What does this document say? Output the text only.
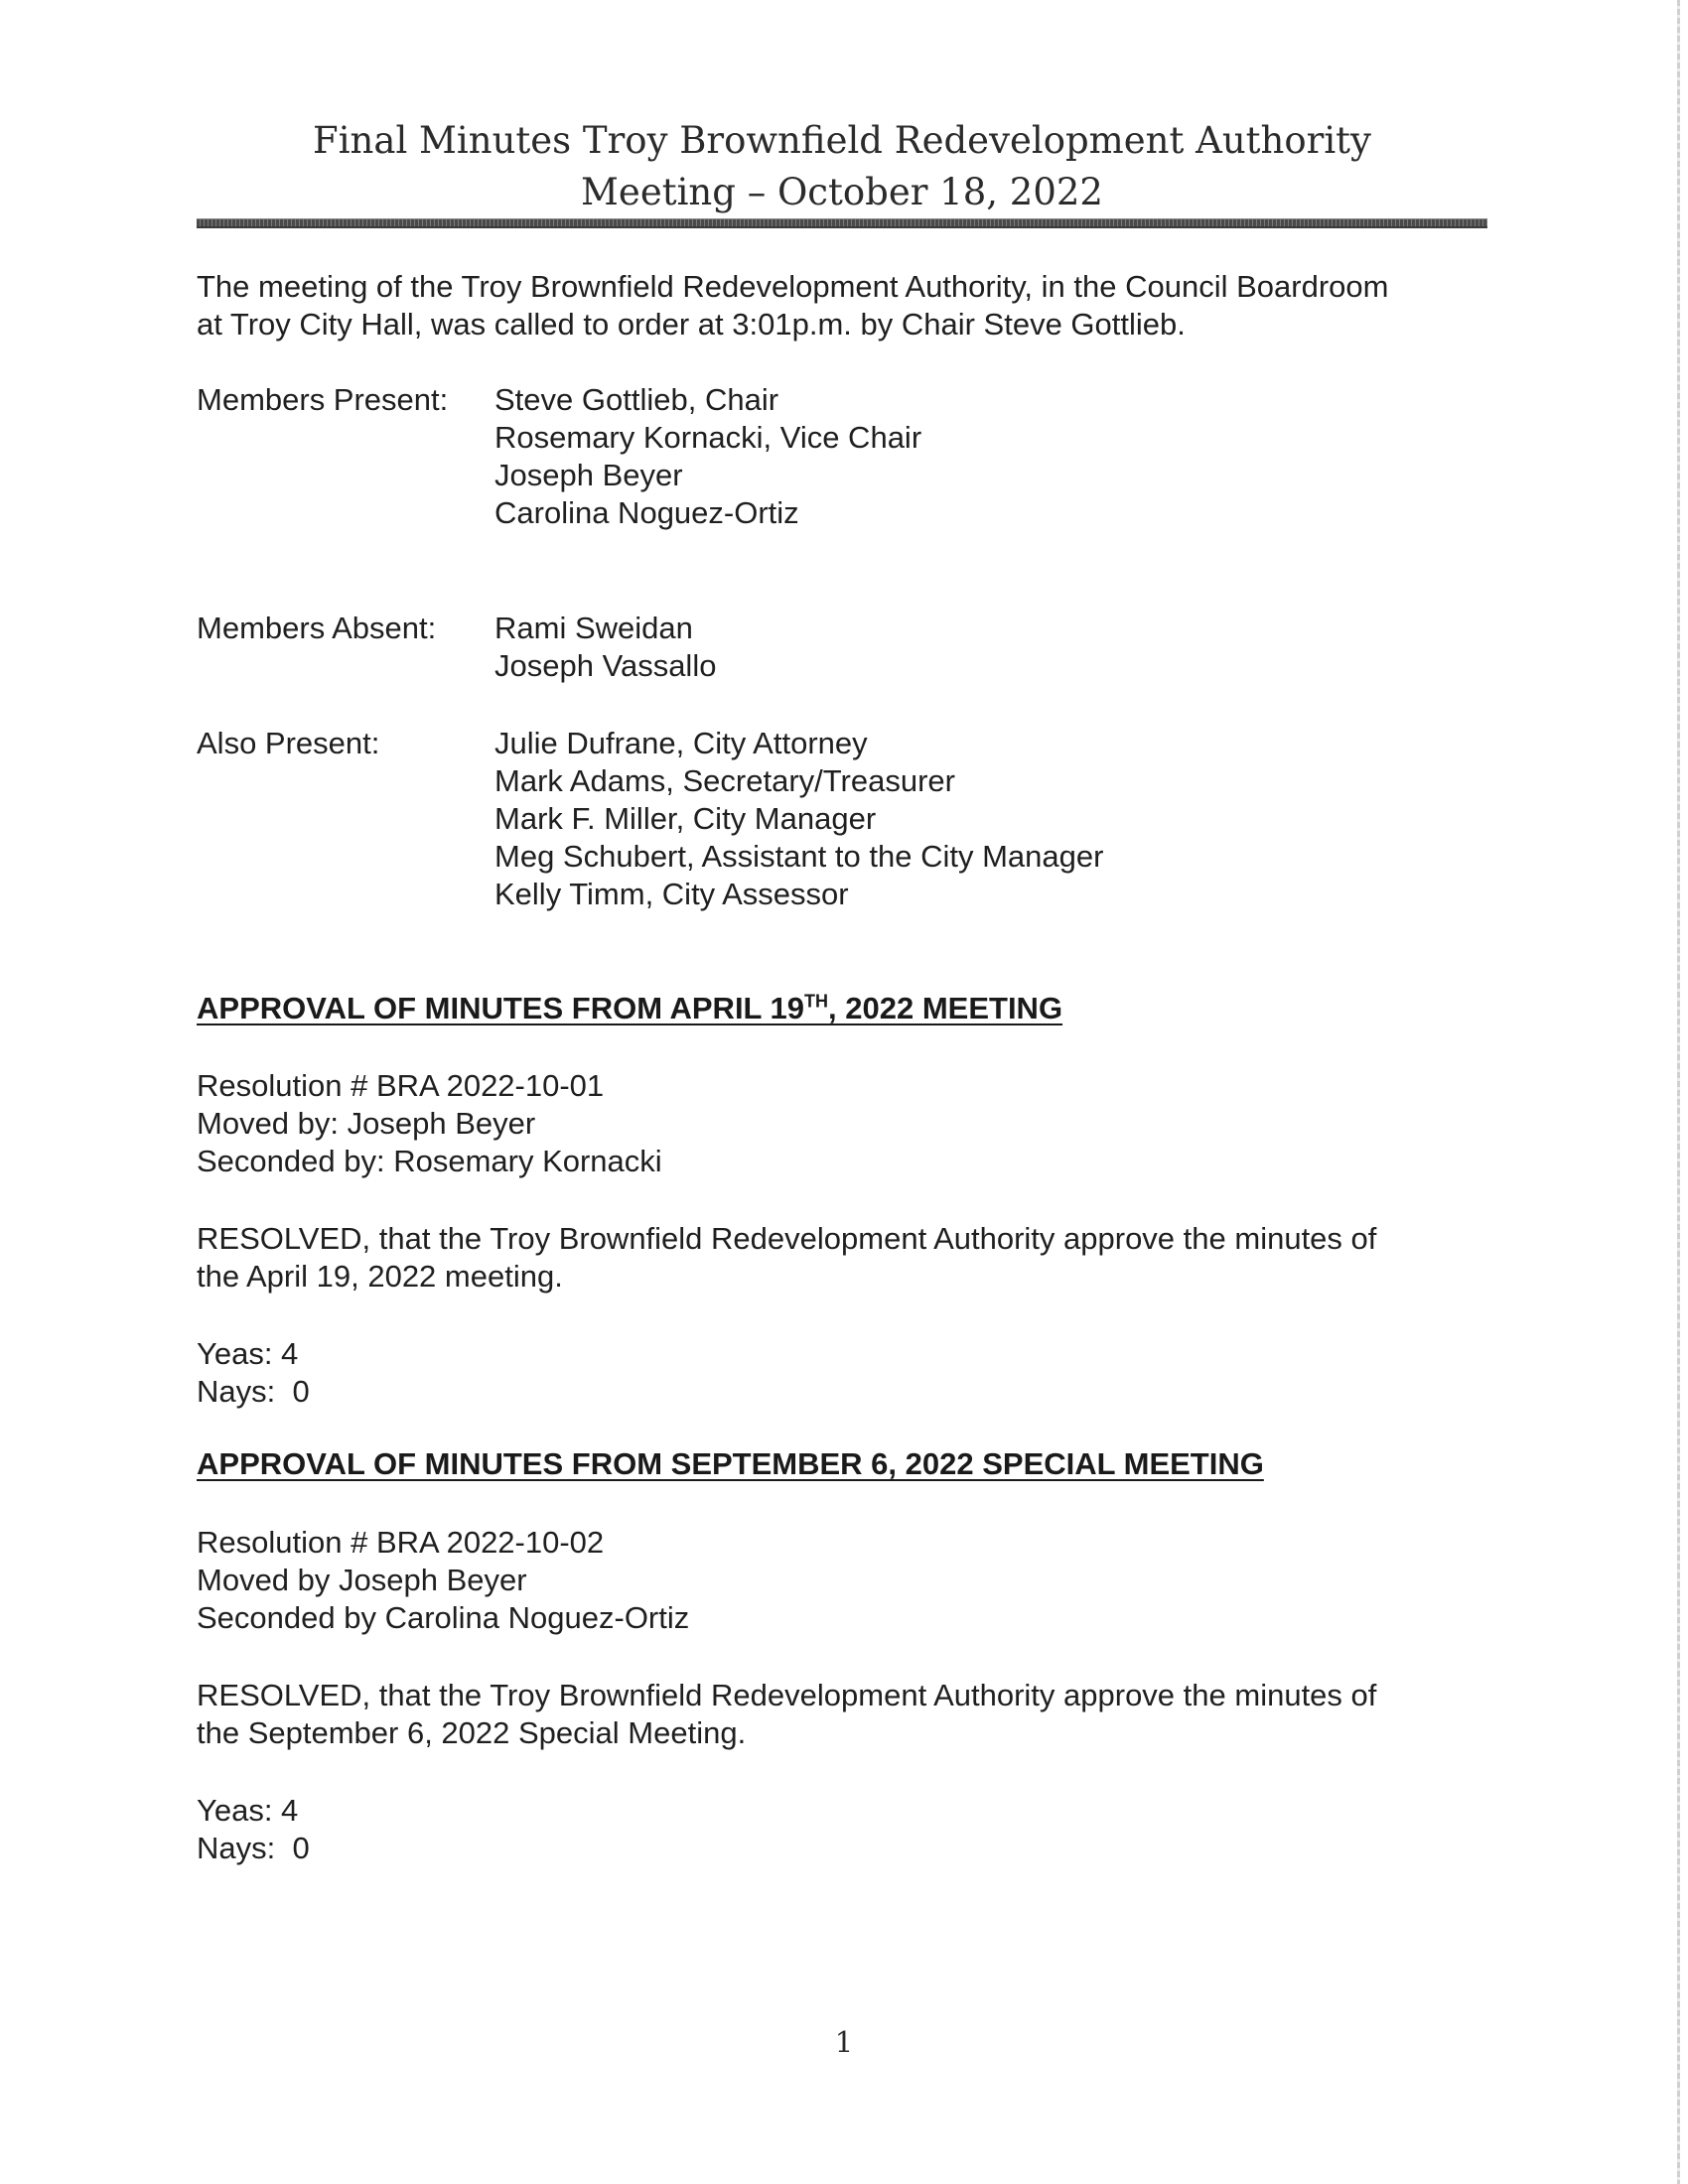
Final Minutes Troy Brownfield Redevelopment Authority
Meeting – October 18, 2022
The meeting of the Troy Brownfield Redevelopment Authority, in the Council Boardroom
at Troy City Hall, was called to order at 3:01p.m. by Chair Steve Gottlieb.
Members Present: Steve Gottlieb, Chair
Rosemary Kornacki, Vice Chair
Joseph Beyer
Carolina Noguez-Ortiz
Members Absent: Rami Sweidan
Joseph Vassallo
Also Present:	Julie Dufrane, City Attorney
Mark Adams, Secretary/Treasurer
Mark F. Miller, City Manager
Meg Schubert, Assistant to the City Manager
Kelly Timm, City Assessor
APPROVAL OF MINUTES FROM APRIL 19TH, 2022 MEETING
Resolution # BRA 2022-10-01
Moved by: Joseph Beyer
Seconded by: Rosemary Kornacki
RESOLVED, that the Troy Brownfield Redevelopment Authority approve the minutes of
the April 19, 2022 meeting.
Yeas: 4
Nays:  0
APPROVAL OF MINUTES FROM SEPTEMBER 6, 2022 SPECIAL MEETING
Resolution # BRA 2022-10-02
Moved by Joseph Beyer
Seconded by Carolina Noguez-Ortiz
RESOLVED, that the Troy Brownfield Redevelopment Authority approve the minutes of
the September 6, 2022 Special Meeting.
Yeas: 4
Nays:  0
1
